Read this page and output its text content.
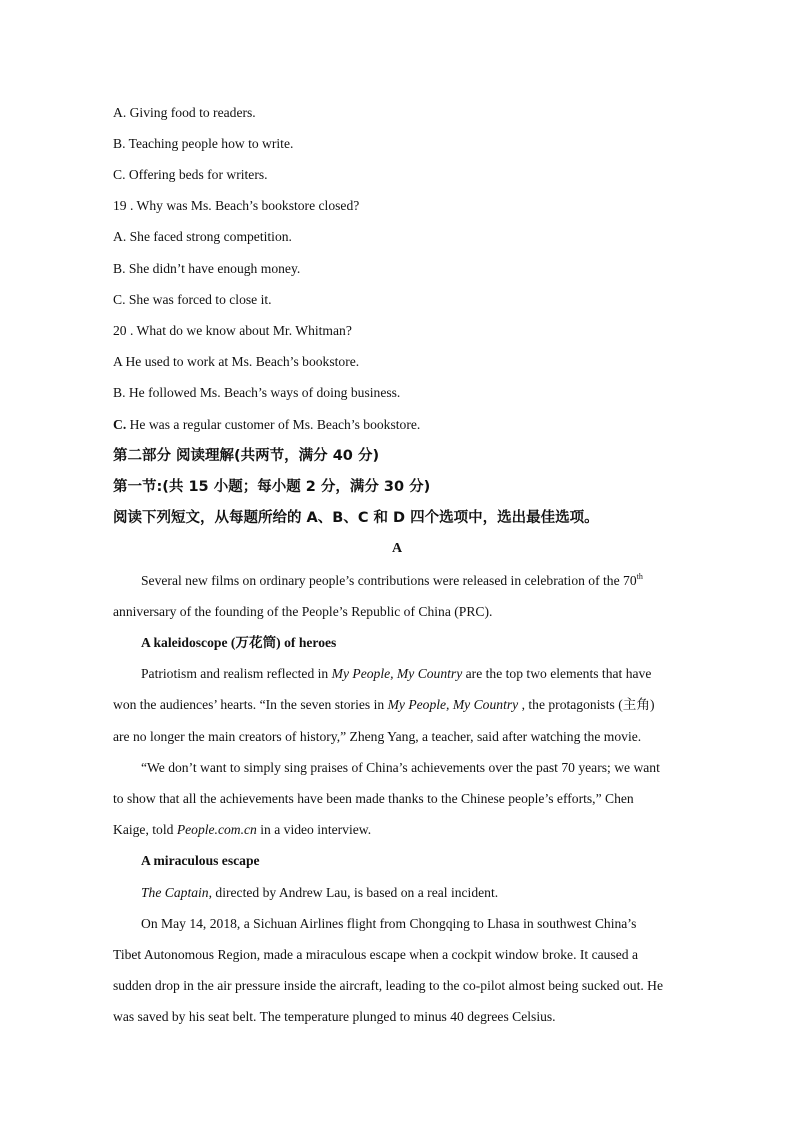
A. Giving food to readers.
B. Teaching people how to write.
C. Offering beds for writers.
19 . Why was Ms. Beach’s bookstore closed?
A. She faced strong competition.
B. She didn’t have enough money.
C. She was forced to close it.
20 . What do we know about Mr. Whitman?
A He used to work at Ms. Beach’s bookstore.
B. He followed Ms. Beach’s ways of doing business.
C. He was a regular customer of Ms. Beach’s bookstore.
第二部分 阅读理解(共两节，满分 40 分)
第一节:(共 15 小题；每小题 2 分，满分 30 分)
阅读下列短文，从每题所给的 A、B、C 和 D 四个选项中，选出最佳选项。
A
Several new films on ordinary people’s contributions were released in celebration of the 70th
anniversary of the founding of the People’s Republic of China (PRC).
A kaleidoscope (万花筒) of heroes
Patriotism and realism reflected in My People, My Country are the top two elements that have
won the audiences’ hearts. “In the seven stories in My People, My Country , the protagonists (主角)
are no longer the main creators of history,” Zheng Yang, a teacher, said after watching the movie.
“We don’t want to simply sing praises of China’s achievements over the past 70 years; we want
to show that all the achievements have been made thanks to the Chinese people’s efforts,” Chen
Kaige, told People.com.cn in a video interview.
A miraculous escape
The Captain, directed by Andrew Lau, is based on a real incident.
On May 14, 2018, a Sichuan Airlines flight from Chongqing to Lhasa in southwest China’s
Tibet Autonomous Region, made a miraculous escape when a cockpit window broke. It caused a
sudden drop in the air pressure inside the aircraft, leading to the co-pilot almost being sucked out. He
was saved by his seat belt. The temperature plunged to minus 40 degrees Celsius.
